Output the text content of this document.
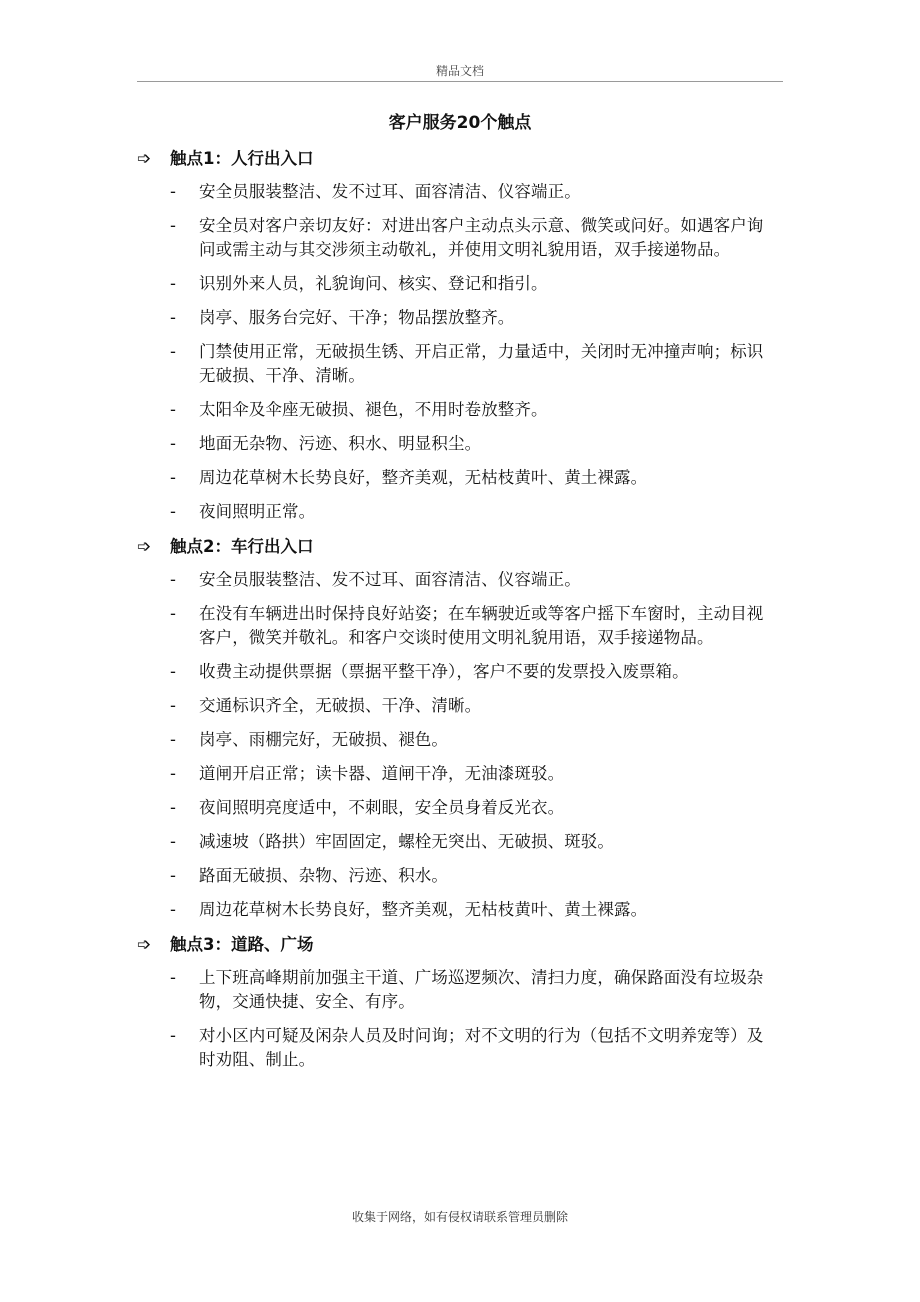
精品文档
客户服务20个触点
➩	触点1：人行出入口
- 安全员服装整洁、发不过耳、面容清洁、仪容端正。
- 安全员对客户亲切友好：对进出客户主动点头示意、微笑或问好。如遇客户询问或需主动与其交涉须主动敬礼，并使用文明礼貌用语，双手接递物品。
- 识别外来人员，礼貌询问、核实、登记和指引。
- 岗亭、服务台完好、干净；物品摆放整齐。
- 门禁使用正常，无破损生锈、开启正常，力量适中，关闭时无冲撞声响；标识无破损、干净、清晰。
- 太阳伞及伞座无破损、褪色，不用时卷放整齐。
- 地面无杂物、污迹、积水、明显积尘。
- 周边花草树木长势良好，整齐美观，无枯枝黄叶、黄土裸露。
- 夜间照明正常。
➩	触点2：车行出入口
- 安全员服装整洁、发不过耳、面容清洁、仪容端正。
- 在没有车辆进出时保持良好站姿；在车辆驶近或等客户摇下车窗时，主动目视客户，微笑并敬礼。和客户交谈时使用文明礼貌用语，双手接递物品。
- 收费主动提供票据（票据平整干净），客户不要的发票投入废票箱。
- 交通标识齐全，无破损、干净、清晰。
- 岗亭、雨棚完好，无破损、褪色。
- 道闸开启正常；读卡器、道闸干净，无油漆斑驳。
- 夜间照明亮度适中，不刺眼，安全员身着反光衣。
- 减速坡（路拱）牢固固定，螺栓无突出、无破损、斑驳。
- 路面无破损、杂物、污迹、积水。
- 周边花草树木长势良好，整齐美观，无枯枝黄叶、黄土裸露。
➩	触点3：道路、广场
- 上下班高峰期前加强主干道、广场巡逻频次、清扫力度，确保路面没有垃圾杂物，交通快捷、安全、有序。
- 对小区内可疑及闲杂人员及时问询；对不文明的行为（包括不文明养宠等）及时劝阻、制止。
收集于网络，如有侵权请联系管理员删除
